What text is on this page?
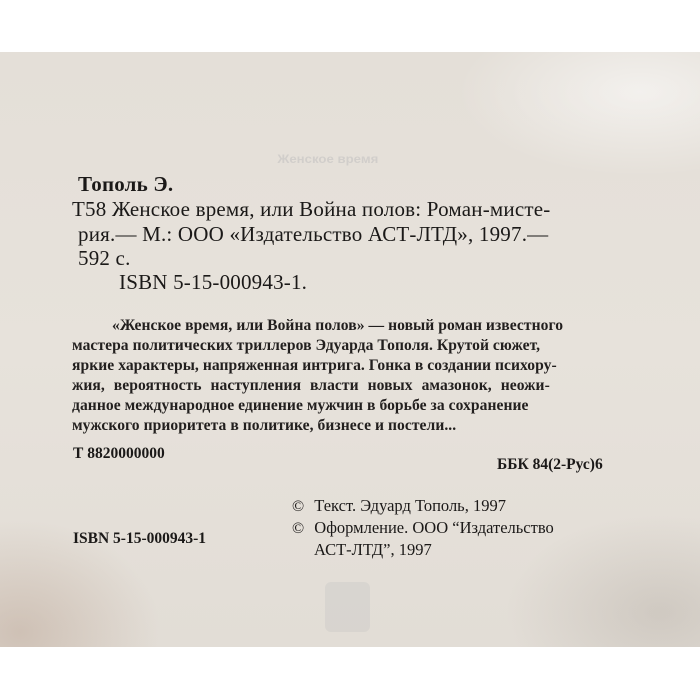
Женское время
Тополь Э.
Т58 Женское время, или Война полов: Роман-мисте-
рия.— М.: ООО «Издательство АСТ-ЛТД», 1997.—
592 с.
ISBN 5-15-000943-1.
«Женское время, или Война полов» — новый роман известного
мастера политических триллеров Эдуарда Тополя. Крутой сюжет,
яркие характеры, напряженная интрига. Гонка в создании психору-
жия, вероятность наступления власти новых амазонок, неожи-
данное международное единение мужчин в борьбе за сохранение
мужского приоритета в политике, бизнесе и постели...
Т 8820000000
ББК 84(2-Рус)6
© Текст. Эдуард Тополь, 1997
© Оформление. ООО “Издательство
АСТ-ЛТД”, 1997
ISBN 5-15-000943-1
